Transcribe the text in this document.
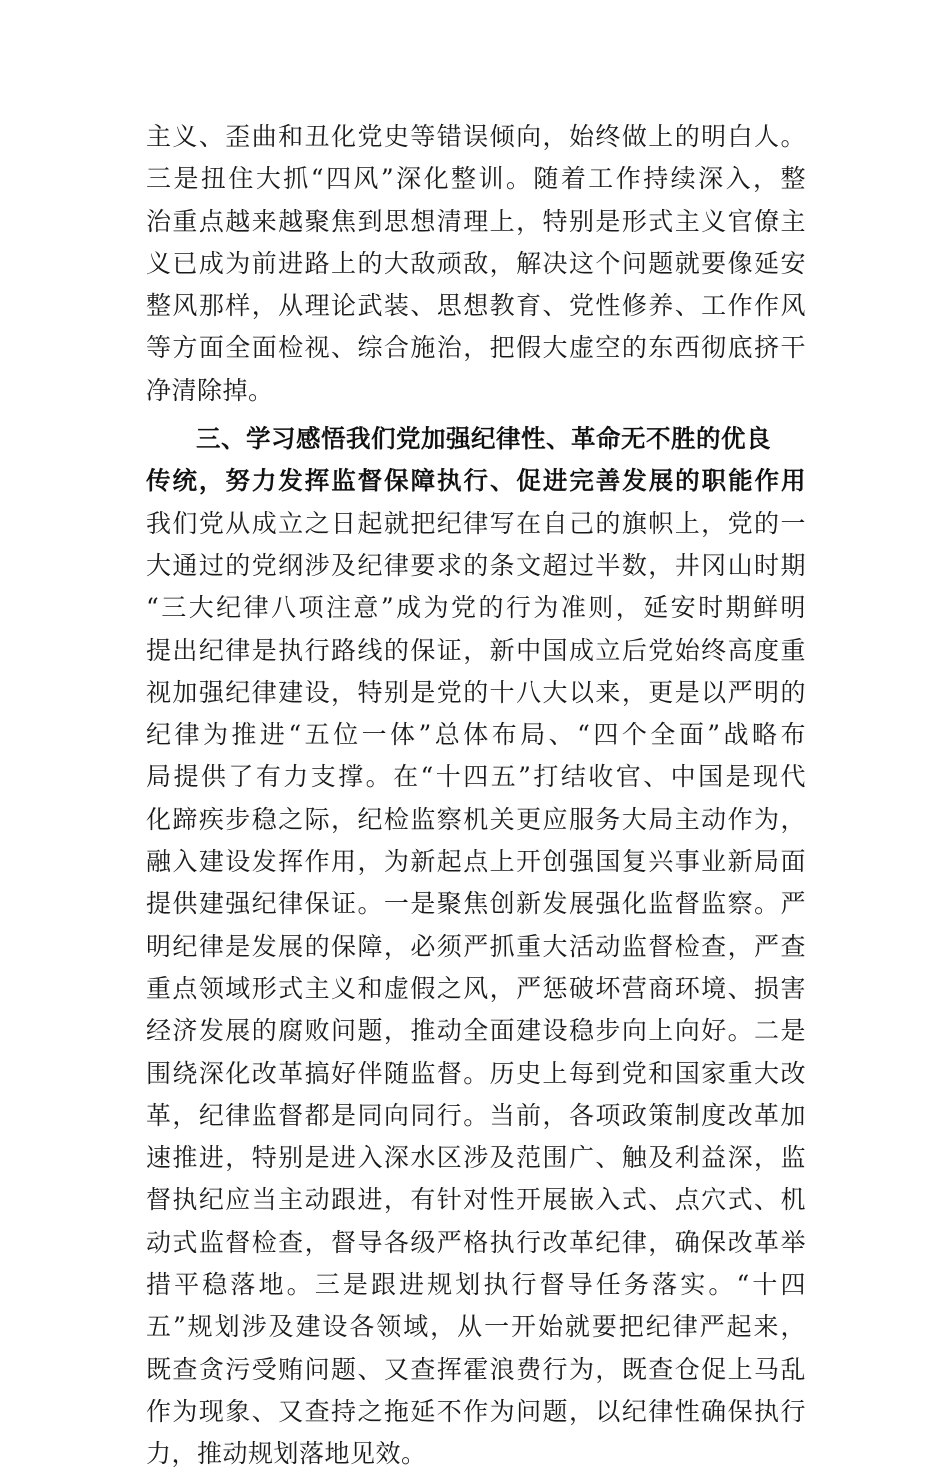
主义、歪曲和丑化党史等错误倾向，始终做上的明白人。
三是扭住大抓“四风”深化整训。随着工作持续深入，整
治重点越来越聚焦到思想清理上，特别是形式主义官僚主
义已成为前进路上的大敌顽敌，解决这个问题就要像延安
整风那样，从理论武装、思想教育、党性修养、工作作风
等方面全面检视、综合施治，把假大虚空的东西彻底挤干
净清除掉。
三、学习感悟我们党加强纪律性、革命无不胜的优良
传统，努力发挥监督保障执行、促进完善发展的职能作用
我们党从成立之日起就把纪律写在自己的旗帜上，党的一
大通过的党纲涉及纪律要求的条文超过半数，井冈山时期
“三大纪律八项注意”成为党的行为准则，延安时期鲜明
提出纪律是执行路线的保证，新中国成立后党始终高度重
视加强纪律建设，特别是党的十八大以来，更是以严明的
纪律为推进“五位一体”总体布局、“四个全面”战略布
局提供了有力支撑。在“十四五”打结收官、中国是现代
化蹄疾步稳之际，纪检监察机关更应服务大局主动作为，
融入建设发挥作用，为新起点上开创强国复兴事业新局面
提供建强纪律保证。一是聚焦创新发展强化监督监察。严
明纪律是发展的保障，必须严抓重大活动监督检查，严查
重点领域形式主义和虚假之风，严惩破坏营商环境、损害
经济发展的腐败问题，推动全面建设稳步向上向好。二是
围绕深化改革搞好伴随监督。历史上每到党和国家重大改
革，纪律监督都是同向同行。当前，各项政策制度改革加
速推进，特别是进入深水区涉及范围广、触及利益深，监
督执纪应当主动跟进，有针对性开展嵌入式、点穴式、机
动式监督检查，督导各级严格执行改革纪律，确保改革举
措平稳落地。三是跟进规划执行督导任务落实。“十四
五”规划涉及建设各领域，从一开始就要把纪律严起来，
既查贪污受贿问题、又查挥霍浪费行为，既查仓促上马乱
作为现象、又查持之拖延不作为问题，以纪律性确保执行
力，推动规划落地见效。
